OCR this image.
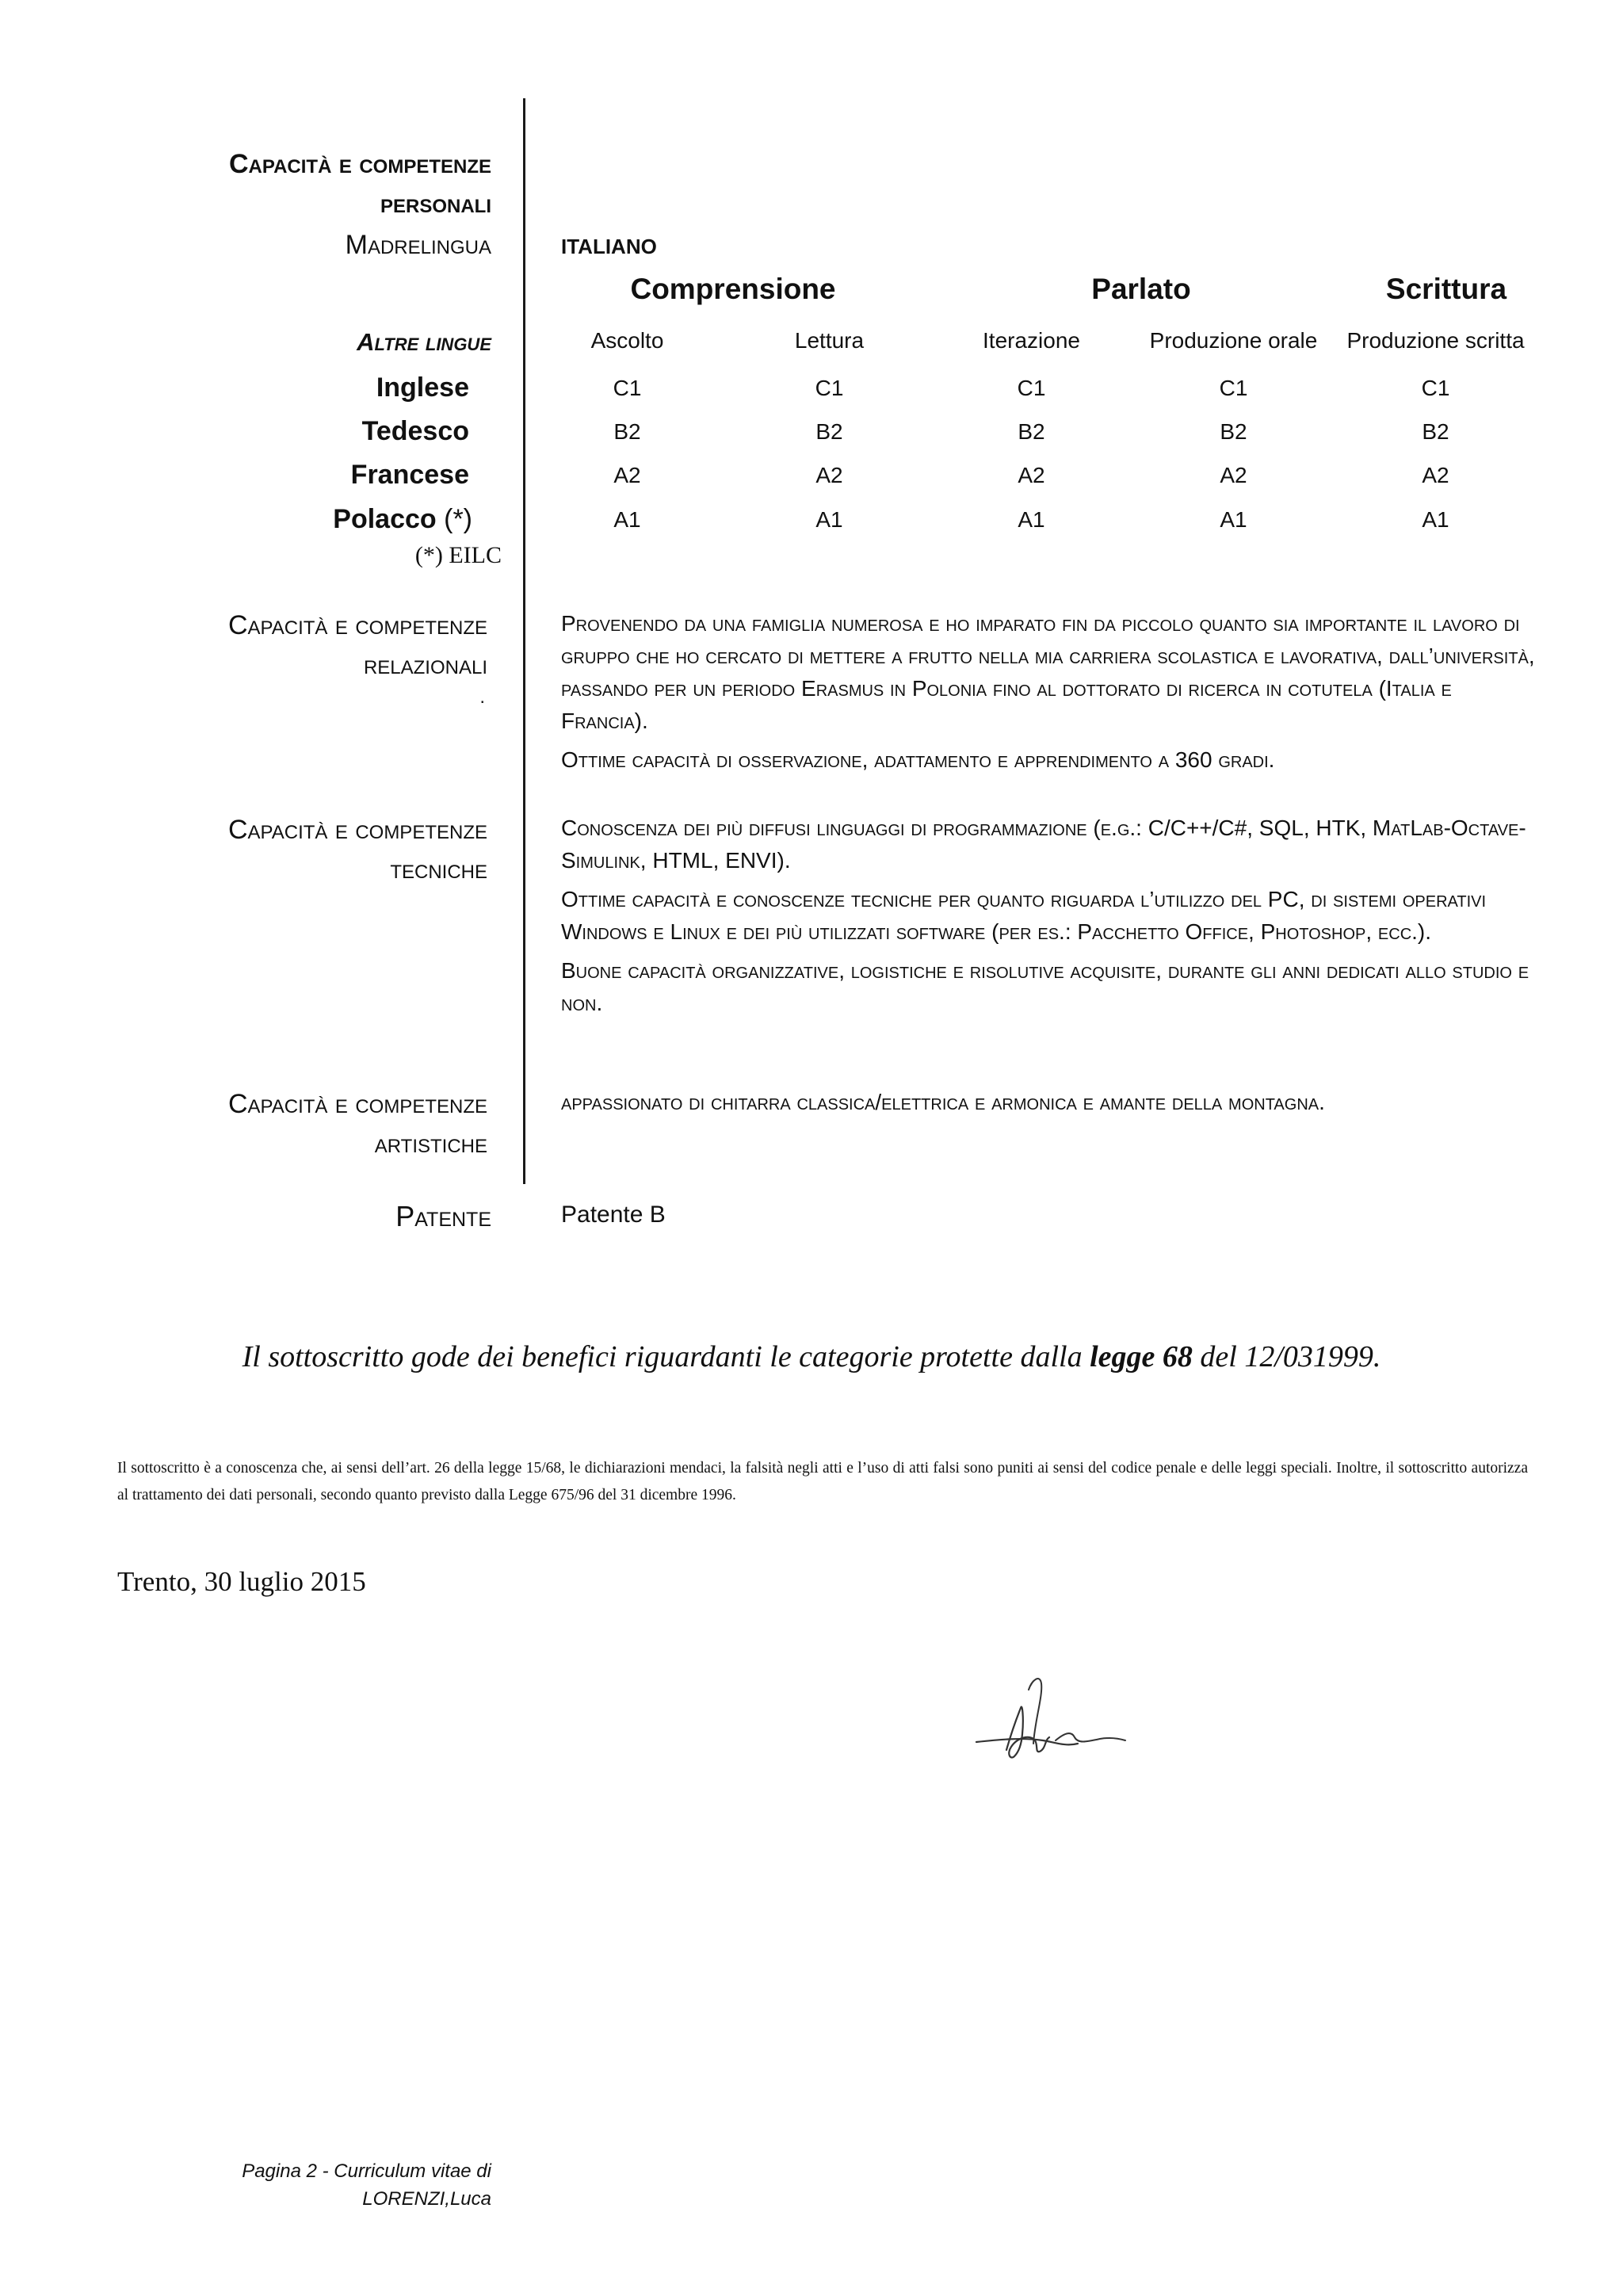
Capacità e competenze
personali
Madrelingua	ITALIANO
Comprensione	Parlato	Scrittura
Altre lingue	Ascolto	Lettura	Iterazione	Produzione orale	Produzione scritta
Inglese	C1	C1	C1	C1	C1
Tedesco	B2	B2	B2	B2	B2
Francese	A2	A2	A2	A2	A2
Polacco (*)	A1	A1	A1	A1	A1
(*) EILC
Capacità e competenze
relazionali
.

Provenendo da una famiglia numerosa e ho imparato fin da piccolo quanto sia importante il lavoro di gruppo che ho cercato di mettere a frutto nella mia carriera scolastica e lavorativa, dall’università, passando per un periodo Erasmus in Polonia fino al dottorato di ricerca in cotutela (Italia e Francia).

Ottime capacità di osservazione, adattamento e apprendimento a 360 gradi.

Capacità e competenze
tecniche

Conoscenza dei più diffusi linguaggi di programmazione (e.g.: C/C++/C#, SQL, HTK, MatLab-Octave-Simulink, HTML, ENVI).

Ottime capacità e conoscenze tecniche per quanto riguarda l’utilizzo del PC, di sistemi operativi Windows e Linux e dei più utilizzati software (per es.: Pacchetto Office, Photoshop, ecc.).

Buone capacità organizzative, logistiche e risolutive acquisite, durante gli anni dedicati allo studio e non.

Capacità e competenze
artistiche

appassionato di chitarra classica/elettrica e armonica e amante della montagna.

Patente	Patente B
Il sottoscritto gode dei benefici riguardanti le categorie protette dalla legge 68 del 12/031999.
Il sottoscritto è a conoscenza che, ai sensi dell’art. 26 della legge 15/68, le dichiarazioni mendaci, la falsità negli atti e l’uso di atti falsi sono puniti ai sensi del codice penale e delle leggi speciali. Inoltre, il sottoscritto autorizza al trattamento dei dati personali, secondo quanto previsto dalla Legge 675/96 del 31 dicembre 1996.
Trento, 30 luglio 2015
Pagina 2 - Curriculum vitae di
LORENZI,Luca
